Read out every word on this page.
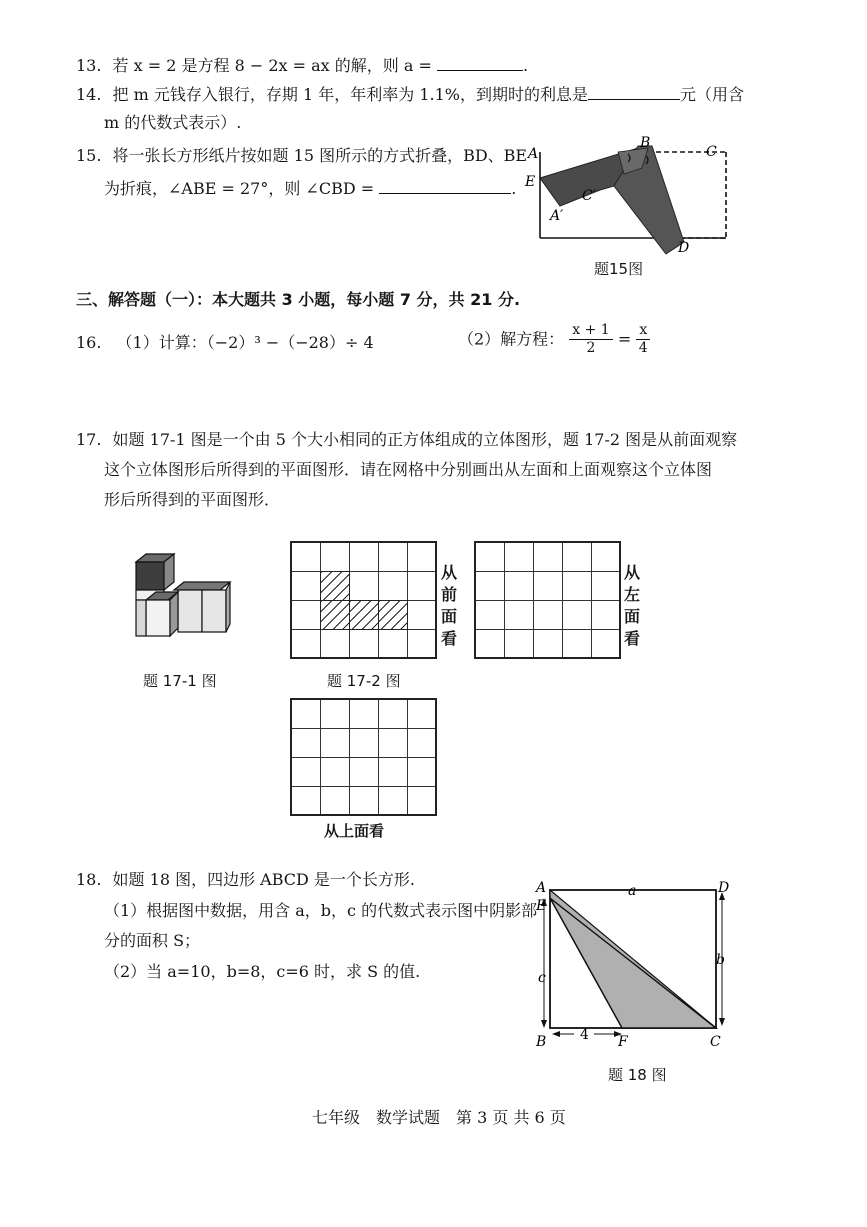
13. 若 x = 2 是方程 8 − 2x = ax 的解，则 a =	.
14. 把 m 元钱存入银行，存期 1 年，年利率为 1.1%，到期时的利息是	元（用含
m 的代数式表示）.
15. 将一张长方形纸片按如题 15 图所示的方式折叠，BD、BE
为折痕，∠ABE = 27°，则 ∠CBD =	.
A
B
C
E
C′
A′
D
题15图
三、解答题（一）：本大题共 3 小题，每小题 7 分，共 21 分.
16. （1）计算：（−2）³ −（−28）÷ 4	（2）解方程： $\frac{x + 1}{2} = \frac{x}{4}$
17. 如题 17-1 图是一个由 5 个大小相同的正方体组成的立体图形，题 17-2 图是从前面观察
这个立体图形后所得到的平面图形．请在网格中分别画出从左面和上面观察这个立体图
形后所得到的平面图形．
题 17-1 图
从前面看
题 17-2 图
从左面看
从上面看
18. 如题 18 图，四边形 ABCD 是一个长方形.
（1）根据图中数据，用含 a，b，c 的代数式表示图中阴影部
分的面积 S；
（2）当 a=10，b=8，c=6 时，求 S 的值.
A	D
E
B	F	C
a
b
c
4
题 18 图
七年级　数学试题　第 3 页 共 6 页
